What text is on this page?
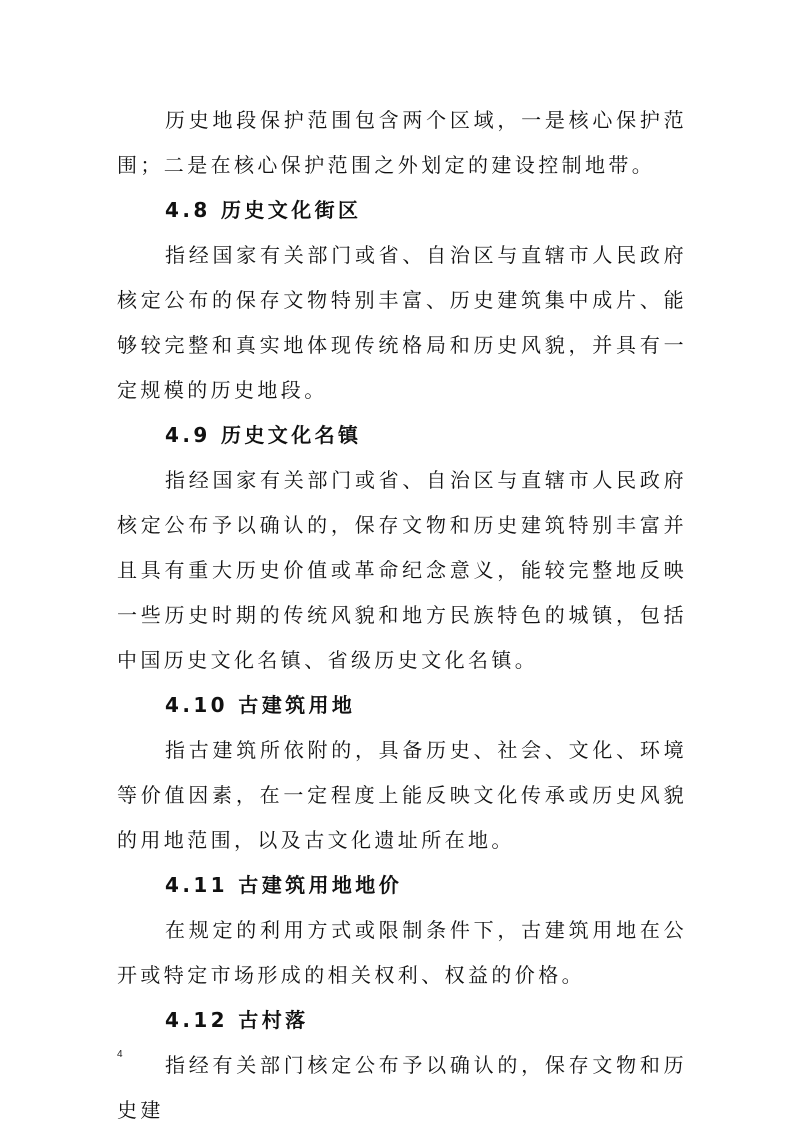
历史地段保护范围包含两个区域，一是核心保护范围；二是在核心保护范围之外划定的建设控制地带。

4.8 历史文化街区

指经国家有关部门或省、自治区与直辖市人民政府核定公布的保存文物特别丰富、历史建筑集中成片、能够较完整和真实地体现传统格局和历史风貌，并具有一定规模的历史地段。

4.9 历史文化名镇

指经国家有关部门或省、自治区与直辖市人民政府核定公布予以确认的，保存文物和历史建筑特别丰富并且具有重大历史价值或革命纪念意义，能较完整地反映一些历史时期的传统风貌和地方民族特色的城镇，包括中国历史文化名镇、省级历史文化名镇。

4.10 古建筑用地

指古建筑所依附的，具备历史、社会、文化、环境等价值因素，在一定程度上能反映文化传承或历史风貌的用地范围，以及古文化遗址所在地。

4.11 古建筑用地地价

在规定的利用方式或限制条件下，古建筑用地在公开或特定市场形成的相关权利、权益的价格。

4.12 古村落

指经有关部门核定公布予以确认的，保存文物和历史建

4
